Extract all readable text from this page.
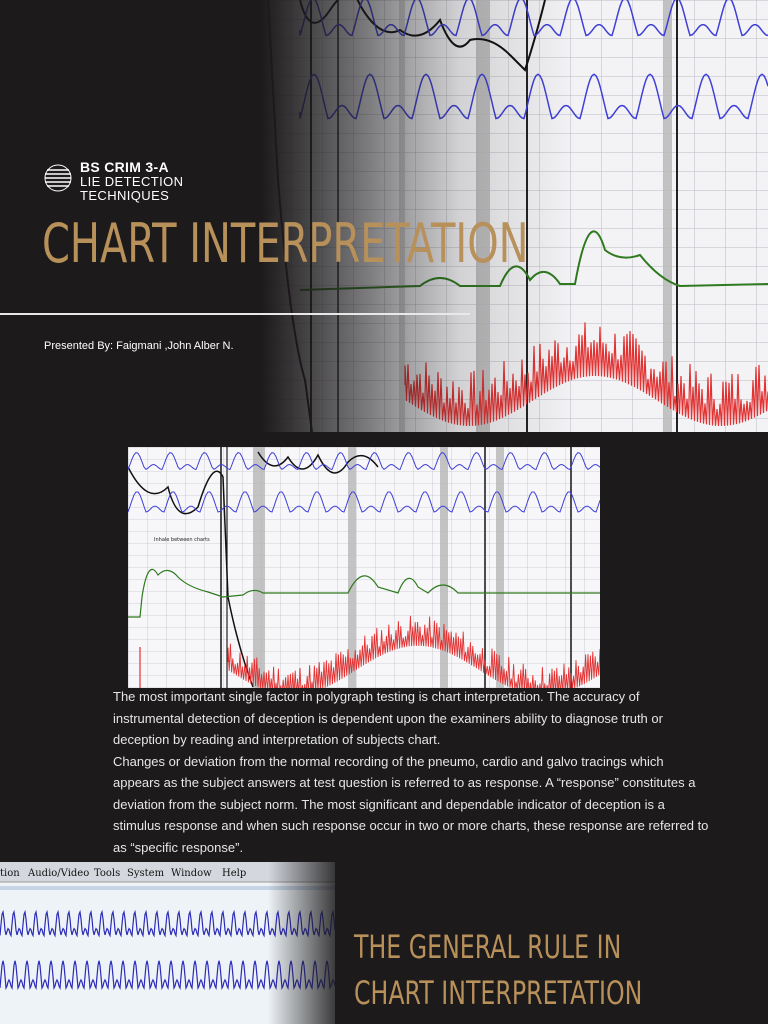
BS CRIM 3-A
LIE DETECTION
TECHNIQUES
CHART INTERPRETATION
Presented By: Faigmani ,John Alber N.
Inhale between charts

The most important single factor in polygraph testing is chart interpretation. The accuracy of instrumental detection of deception is dependent upon the examiners ability to diagnose truth or deception by reading and interpretation of subjects chart.

Changes or deviation from the normal recording of the pneumo, cardio and galvo tracings which appears as the subject answers at test question is referred to as response. A “response” constitutes a deviation from the subject norm. The most significant and dependable indicator of deception is a stimulus response and when such response occur in two or more charts, these response are referred to as “specific response”.

THE GENERAL RULE IN
CHART INTERPRETATION
